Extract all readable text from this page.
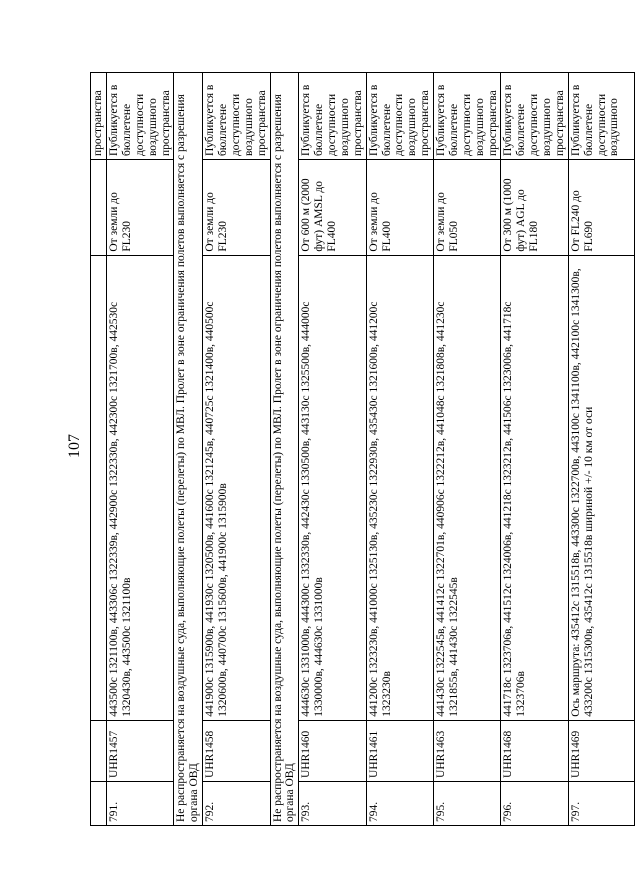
107
				пространства
791.	UHR1457	443500с 1321100в, 443306с 1322339в, 442900с 1322330в, 442300с 1321700в, 442530с 1320430в, 443500с 1321100в	От земли до FL230	Публикуется в бюллетене доступности воздушного пространства
Не распространяется на воздушные суда, выполняющие полеты (перелеты) по МВЛ. Пролет в зоне ограничения полетов выполняется с разрешения органа ОВД				
792.	UHR1458	441900с 1315900в, 441930с 1320500в, 441600с 1321245в, 440725с 1321400в, 440500с 1320600в, 440700с 1315600в, 441900с 1315900в	От земли до FL230	Публикуется в бюллетене доступности воздушного пространства
Не распространяется на воздушные суда, выполняющие полеты (перелеты) по МВЛ. Пролет в зоне ограничения полетов выполняется с разрешения органа ОВД				
793.	UHR1460	444630с 1331000в, 444300с 1332330в, 442430с 1330500в, 443130с 1325500в, 444000с 1330000в, 444630с 1331000в	От 600 м (2000 фут) AMSL до FL400	Публикуется в бюллетене доступности воздушного пространства
794.	UHR1461	441200с 1323230в, 441000с 1325130в, 435230с 1322930в, 435430с 1321600в, 441200с 1323230в	От земли до FL400	Публикуется в бюллетене доступности воздушного пространства
795.	UHR1463	441430с 1322545в, 441412с 1322701в, 440906с 1322212в, 441048с 1321808в, 441230с 1321855в, 441430с 1322545в	От земли до FL050	Публикуется в бюллетене доступности воздушного пространства
796.	UHR1468	441718с 1323706в, 441512с 1324006в, 441218с 1323212в, 441506с 1323006в, 441718с 1323706в	От 300 м (1000 фут) AGL до FL180	Публикуется в бюллетене доступности воздушного пространства
797.	UHR1469	Ось маршрута: 435412с 1315518в, 443300с 1322700в, 443100с 1341100в, 442100с 1341300в, 433200с 1315300в, 435412с 1315518в шириной +/- 10 км от оси	От FL240 до FL690	Публикуется в бюллетене доступности воздушного
